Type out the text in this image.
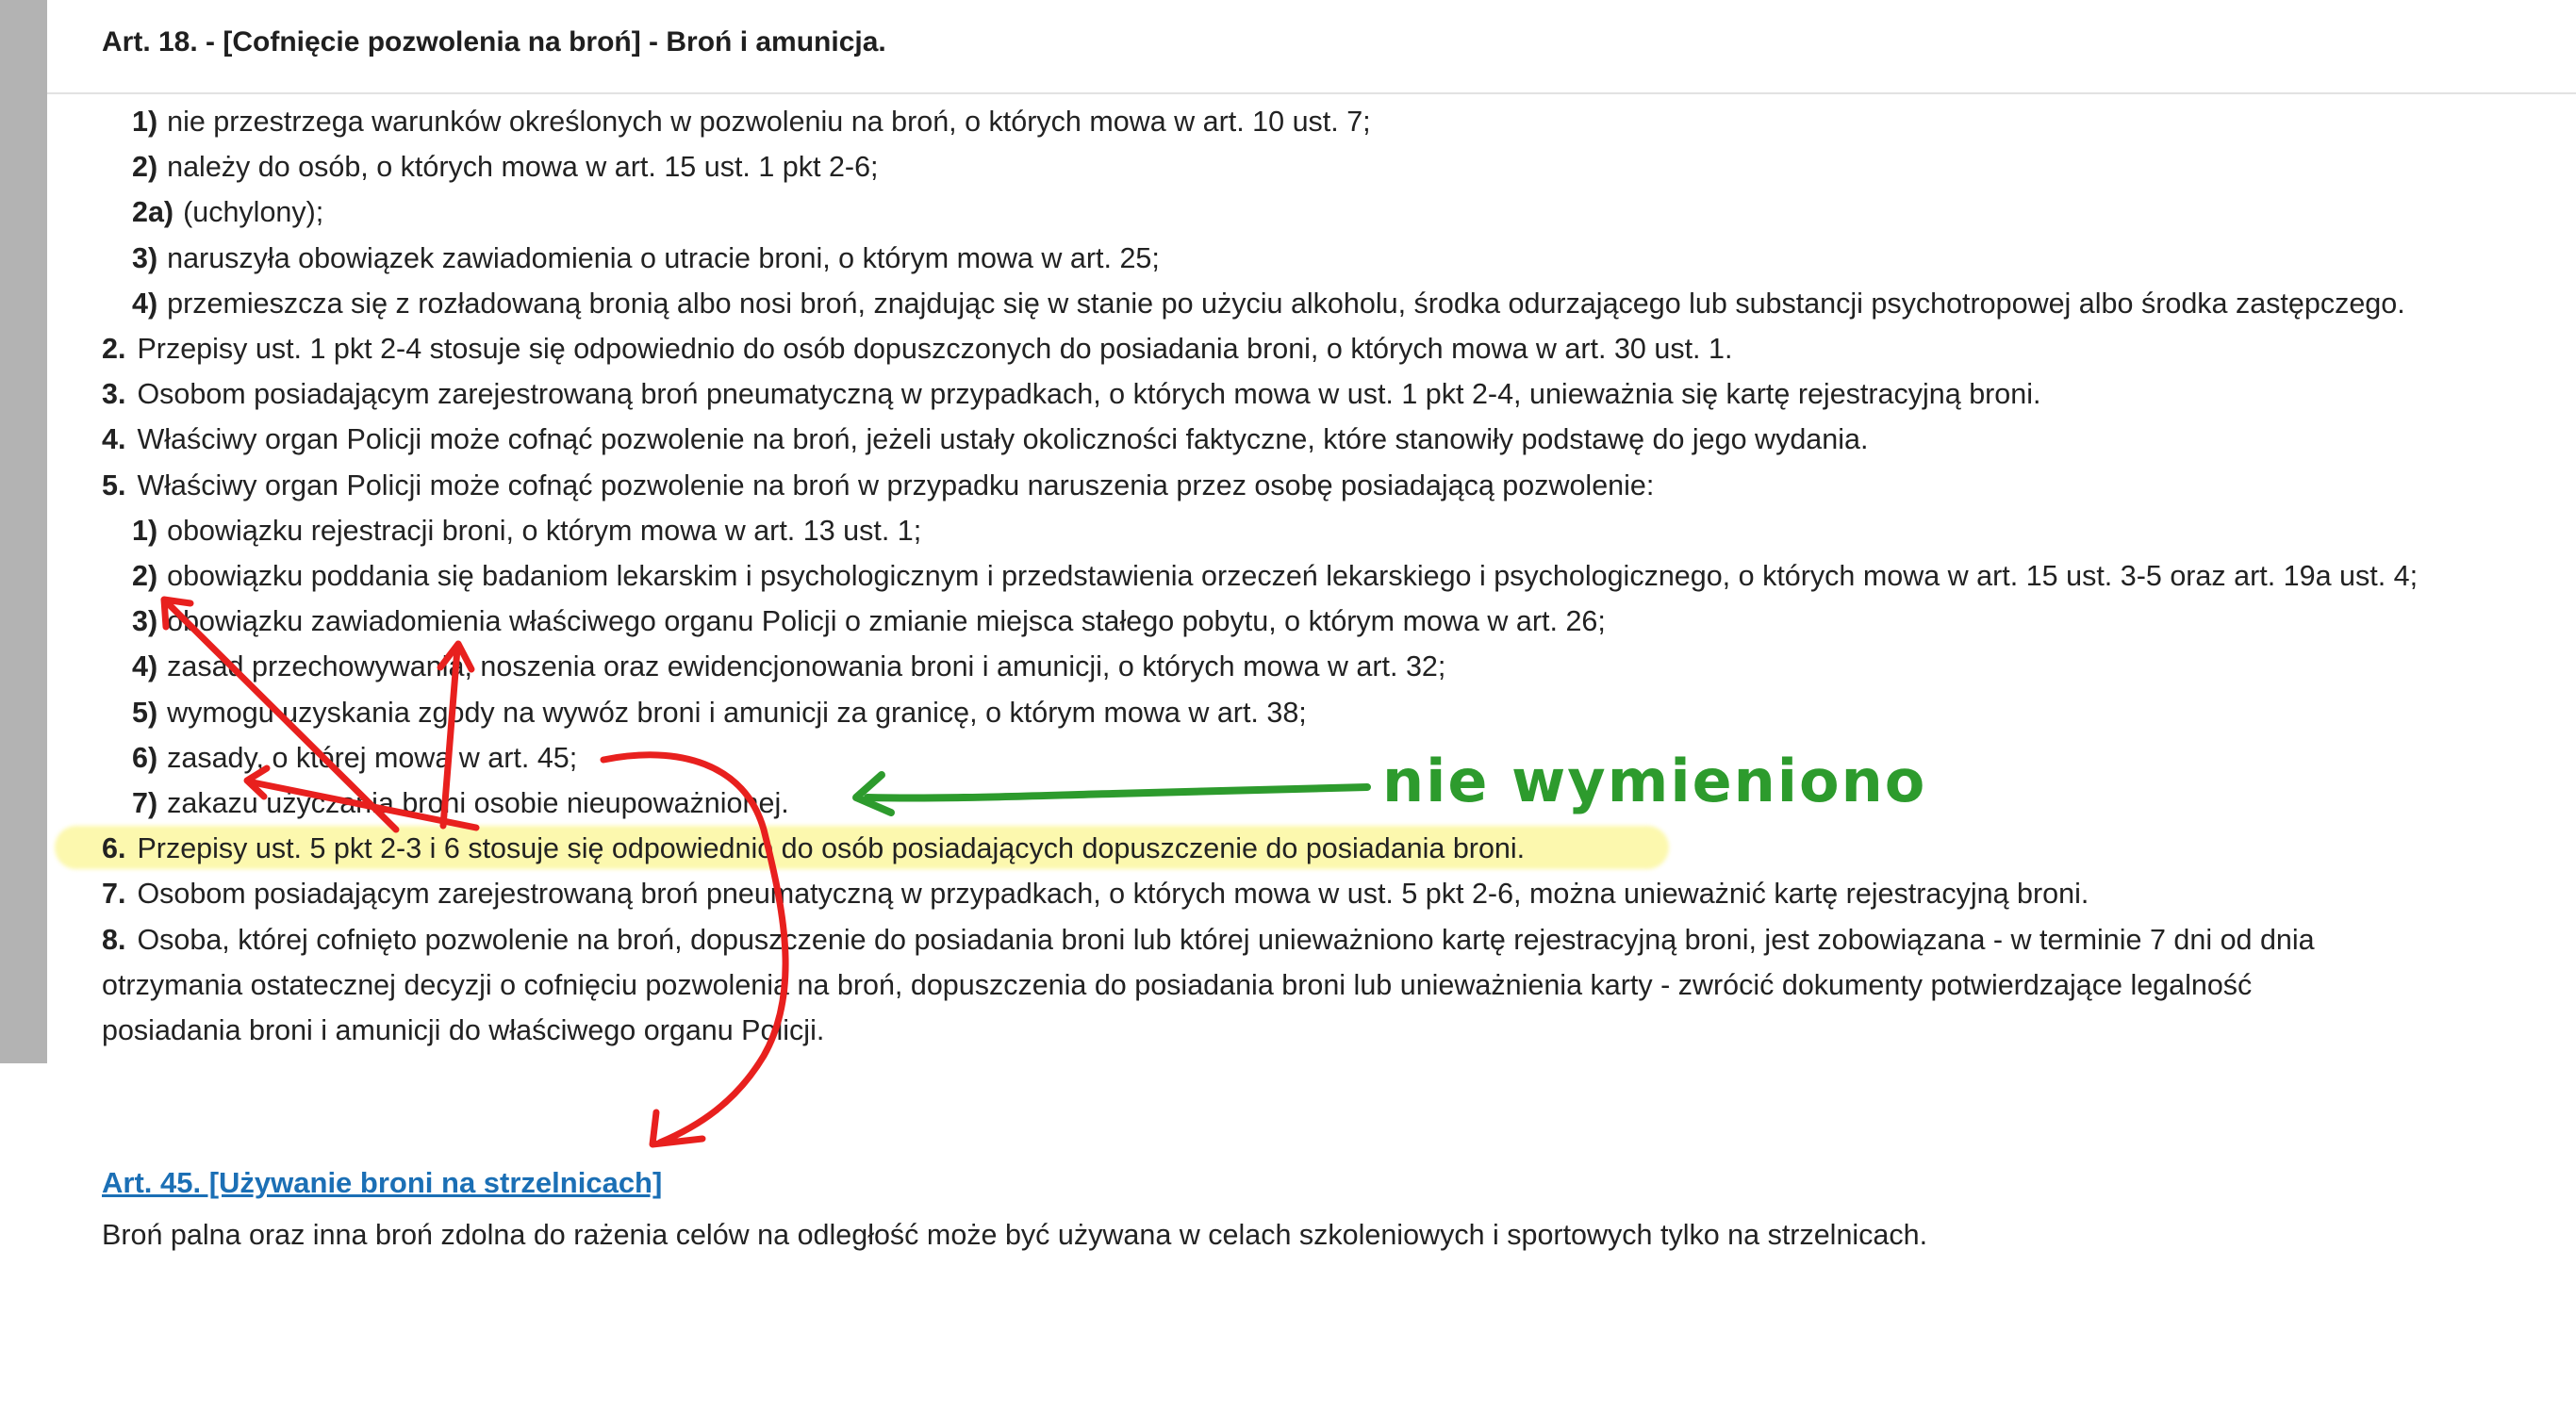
Art. 18. - [Cofnięcie pozwolenia na broń] - Broń i amunicja.
1) nie przestrzega warunków określonych w pozwoleniu na broń, o których mowa w art. 10 ust. 7;
2) należy do osób, o których mowa w art. 15 ust. 1 pkt 2-6;
2a) (uchylony);
3) naruszyła obowiązek zawiadomienia o utracie broni, o którym mowa w art. 25;
4) przemieszcza się z rozładowaną bronią albo nosi broń, znajdując się w stanie po użyciu alkoholu, środka odurzającego lub substancji psychotropowej albo środka zastępczego.
2. Przepisy ust. 1 pkt 2-4 stosuje się odpowiednio do osób dopuszczonych do posiadania broni, o których mowa w art. 30 ust. 1.
3. Osobom posiadającym zarejestrowaną broń pneumatyczną w przypadkach, o których mowa w ust. 1 pkt 2-4, unieważnia się kartę rejestracyjną broni.
4. Właściwy organ Policji może cofnąć pozwolenie na broń, jeżeli ustały okoliczności faktyczne, które stanowiły podstawę do jego wydania.
5. Właściwy organ Policji może cofnąć pozwolenie na broń w przypadku naruszenia przez osobę posiadającą pozwolenie:
1) obowiązku rejestracji broni, o którym mowa w art. 13 ust. 1;
2) obowiązku poddania się badaniom lekarskim i psychologicznym i przedstawienia orzeczeń lekarskiego i psychologicznego, o których mowa w art. 15 ust. 3-5 oraz art. 19a ust. 4;
3) obowiązku zawiadomienia właściwego organu Policji o zmianie miejsca stałego pobytu, o którym mowa w art. 26;
4) zasad przechowywania, noszenia oraz ewidencjonowania broni i amunicji, o których mowa w art. 32;
5) wymogu uzyskania zgody na wywóz broni i amunicji za granicę, o którym mowa w art. 38;
6) zasady, o której mowa w art. 45;
7) zakazu użyczania broni osobie nieupoważnionej.
6. Przepisy ust. 5 pkt 2-3 i 6 stosuje się odpowiednio do osób posiadających dopuszczenie do posiadania broni.
7. Osobom posiadającym zarejestrowaną broń pneumatyczną w przypadkach, o których mowa w ust. 5 pkt 2-6, można unieważnić kartę rejestracyjną broni.
8. Osoba, której cofnięto pozwolenie na broń, dopuszczenie do posiadania broni lub której unieważniono kartę rejestracyjną broni, jest zobowiązana - w terminie 7 dni od dnia
otrzymania ostatecznej decyzji o cofnięciu pozwolenia na broń, dopuszczenia do posiadania broni lub unieważnienia karty - zwrócić dokumenty potwierdzające legalność
posiadania broni i amunicji do właściwego organu Policji.
nie wymieniono
Art. 45. [Używanie broni na strzelnicach]
Broń palna oraz inna broń zdolna do rażenia celów na odległość może być używana w celach szkoleniowych i sportowych tylko na strzelnicach.
